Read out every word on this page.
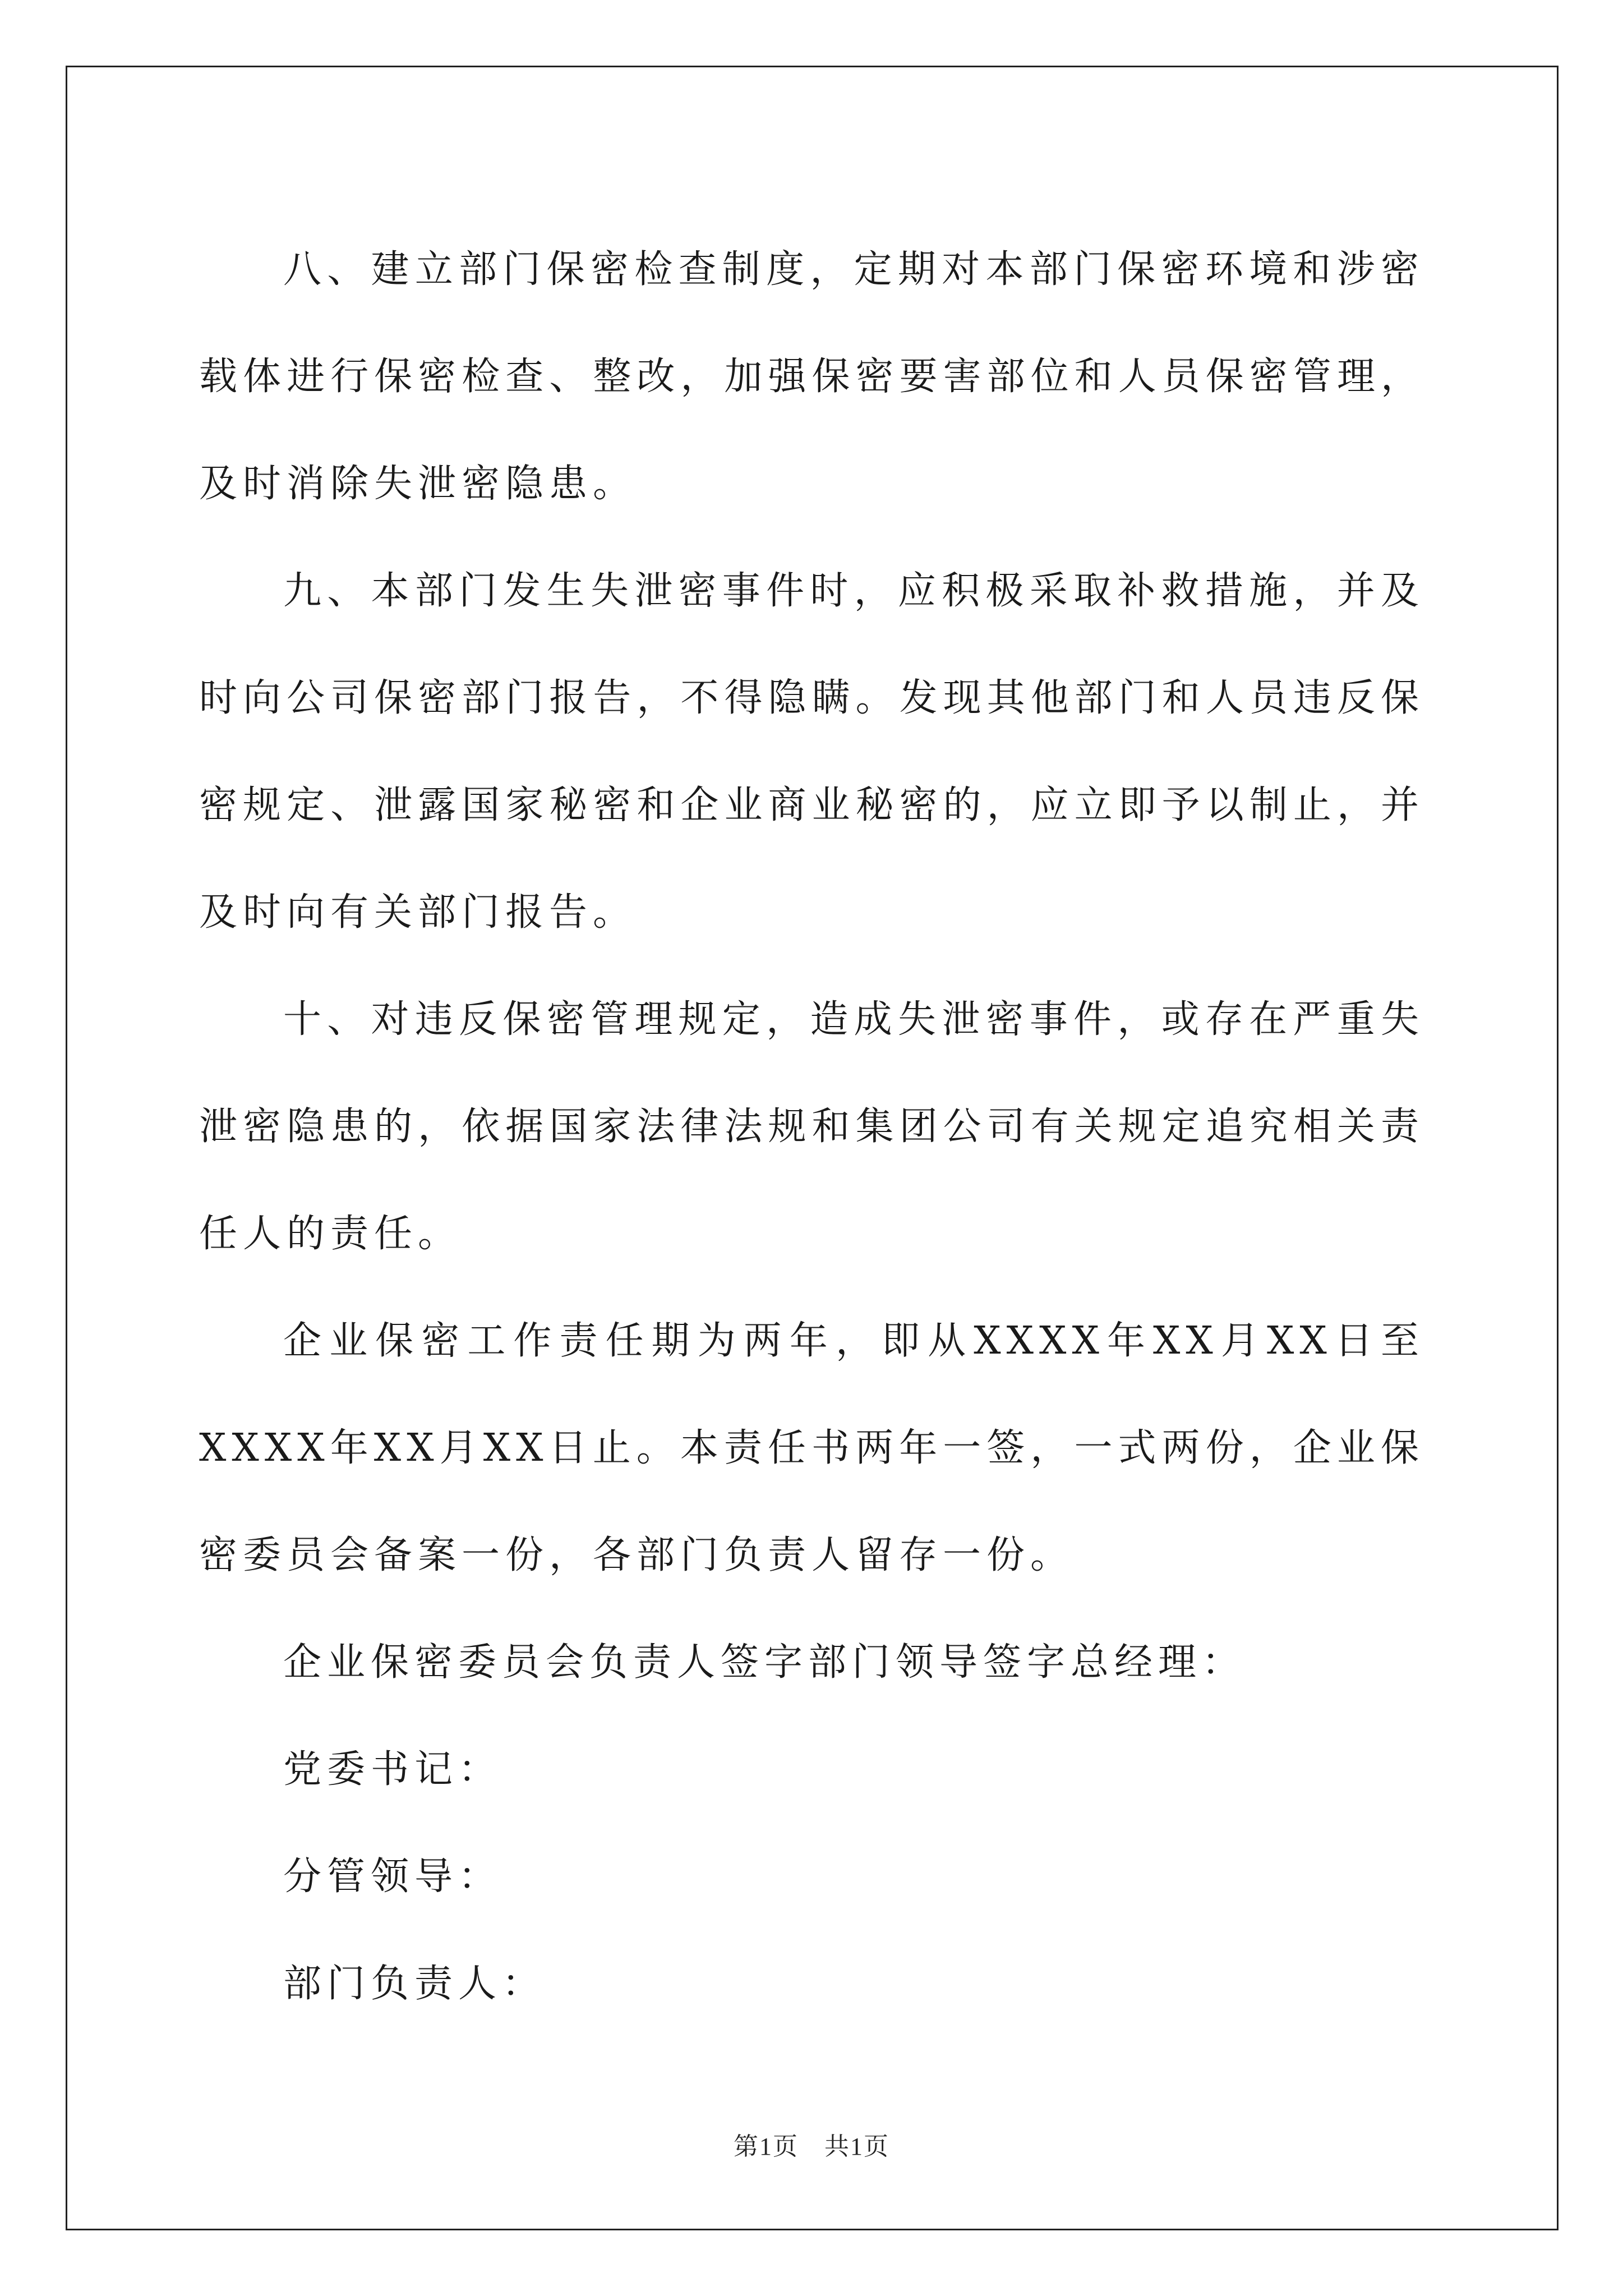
八、建立部门保密检查制度，定期对本部门保密环境和涉密载体进行保密检查、整改，加强保密要害部位和人员保密管理，及时消除失泄密隐患。

九、本部门发生失泄密事件时，应积极采取补救措施，并及时向公司保密部门报告，不得隐瞒。发现其他部门和人员违反保密规定、泄露国家秘密和企业商业秘密的，应立即予以制止，并及时向有关部门报告。

十、对违反保密管理规定，造成失泄密事件，或存在严重失泄密隐患的，依据国家法律法规和集团公司有关规定追究相关责任人的责任。

企业保密工作责任期为两年，即从XXXX年XX月XX日至XXXX年XX月XX日止。本责任书两年一签，一式两份，企业保密委员会备案一份，各部门负责人留存一份。

企业保密委员会负责人签字部门领导签字总经理：

党委书记：

分管领导：

部门负责人：

第1页　共1页
